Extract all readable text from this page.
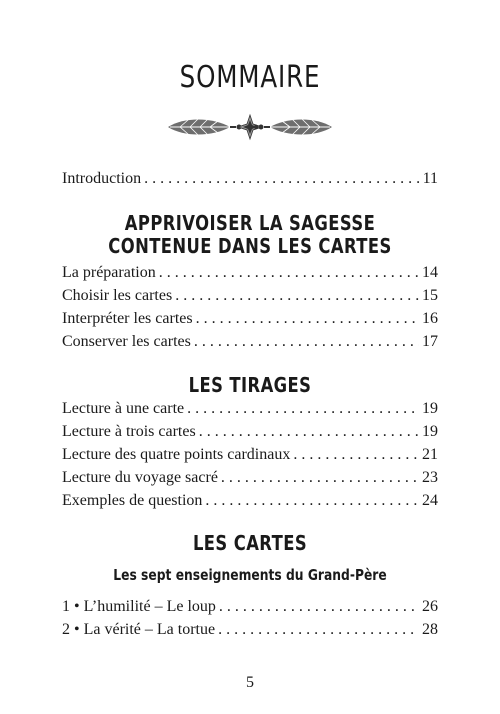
SOMMAIRE
Introduction . . .	11
APPRIVOISER LA SAGESSE
CONTENUE DANS LES CARTES
La préparation . . .	14
Choisir les cartes . . .	15
Interpréter les cartes . . .	16
Conserver les cartes . . .	17
LES TIRAGES
Lecture à une carte . . .	19
Lecture à trois cartes . . .	19
Lecture des quatre points cardinaux . . .	21
Lecture du voyage sacré . . .	23
Exemples de question . . .	24
LES CARTES
Les sept enseignements du Grand-Père
1 • L’humilité – Le loup . . .	26
2 • La vérité – La tortue . . .	28
5
